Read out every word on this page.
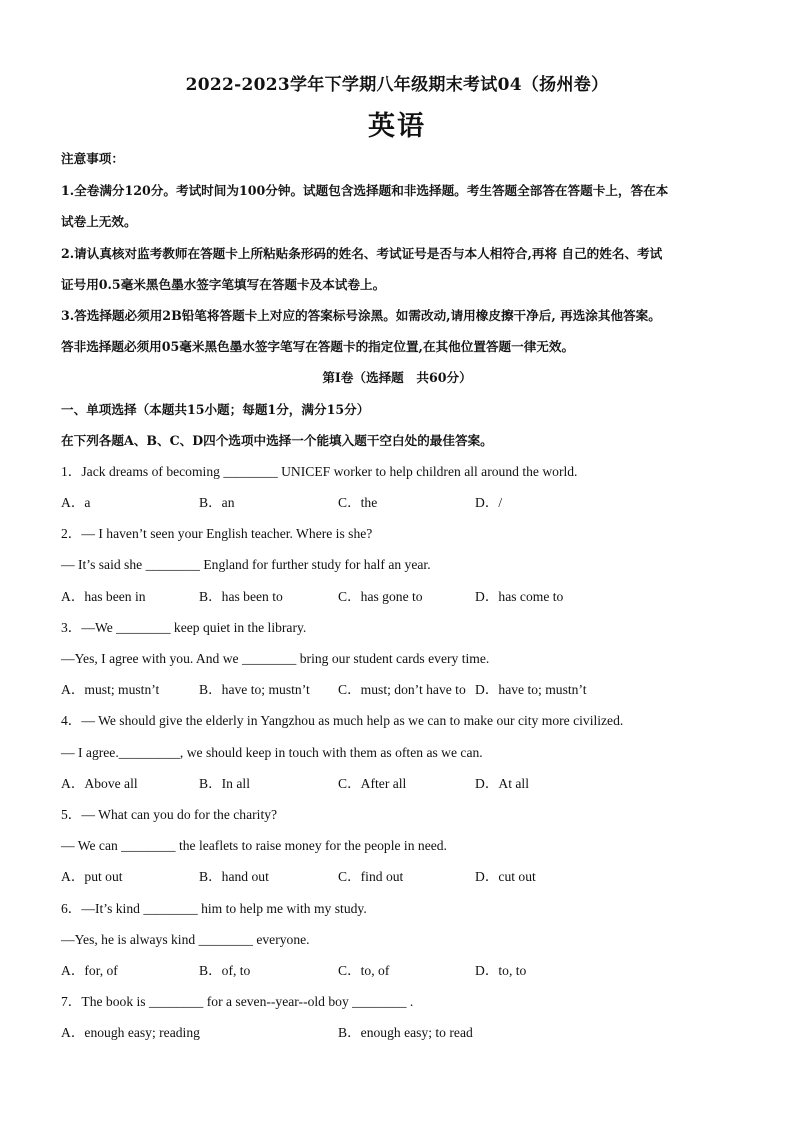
2022-2023学年下学期八年级期末考试04（扬州卷）
英语
注意事项：
1.全卷满分120分。考试时间为100分钟。试题包含选择题和非选择题。考生答题全部答在答题卡上，答在本
试卷上无效。
2.请认真核对监考教师在答题卡上所粘贴条形码的姓名、考试证号是否与本人相符合,再将 自己的姓名、考试
证号用0.5毫米黑色墨水签字笔填写在答题卡及本试卷上。
3.答选择题必须用2B铅笔将答题卡上对应的答案标号涂黑。如需改动,请用橡皮擦干净后, 再选涂其他答案。
答非选择题必须用05毫米黑色墨水签字笔写在答题卡的指定位置,在其他位置答题一律无效。
第I卷（选择题　共60分）
一、单项选择（本题共15小题；每题1分，满分15分）
在下列各题A、B、C、D四个选项中选择一个能填入题干空白处的最佳答案。
1．Jack dreams of becoming ________ UNICEF worker to help children all around the world.
A．a	B．an	C．the	D．/
2．— I haven’t seen your English teacher. Where is she?
— It’s said she ________ England for further study for half an year.
A．has been in	B．has been to	C．has gone to	D．has come to
3．—We ________ keep quiet in the library.
—Yes, I agree with you. And we ________ bring our student cards every time.
A．must; mustn’t	B．have to; mustn’t C．must; don’t have to D．have to; mustn’t
4．— We should give the elderly in Yangzhou as much help as we can to make our city more civilized.
— I agree._________, we should keep in touch with them as often as we can.
A．Above all	B．In all	C．After all	D．At all
5．— What can you do for the charity?
— We can ________ the leaflets to raise money for the people in need.
A．put out	B．hand out	C．find out	D．cut out
6．—It’s kind ________ him to help me with my study.
—Yes, he is always kind ________ everyone.
A．for, of	B．of, to	C．to, of	D．to, to
7．The book is ________ for a seven--year--old boy ________ .
A．enough easy; reading	B．enough easy; to read
